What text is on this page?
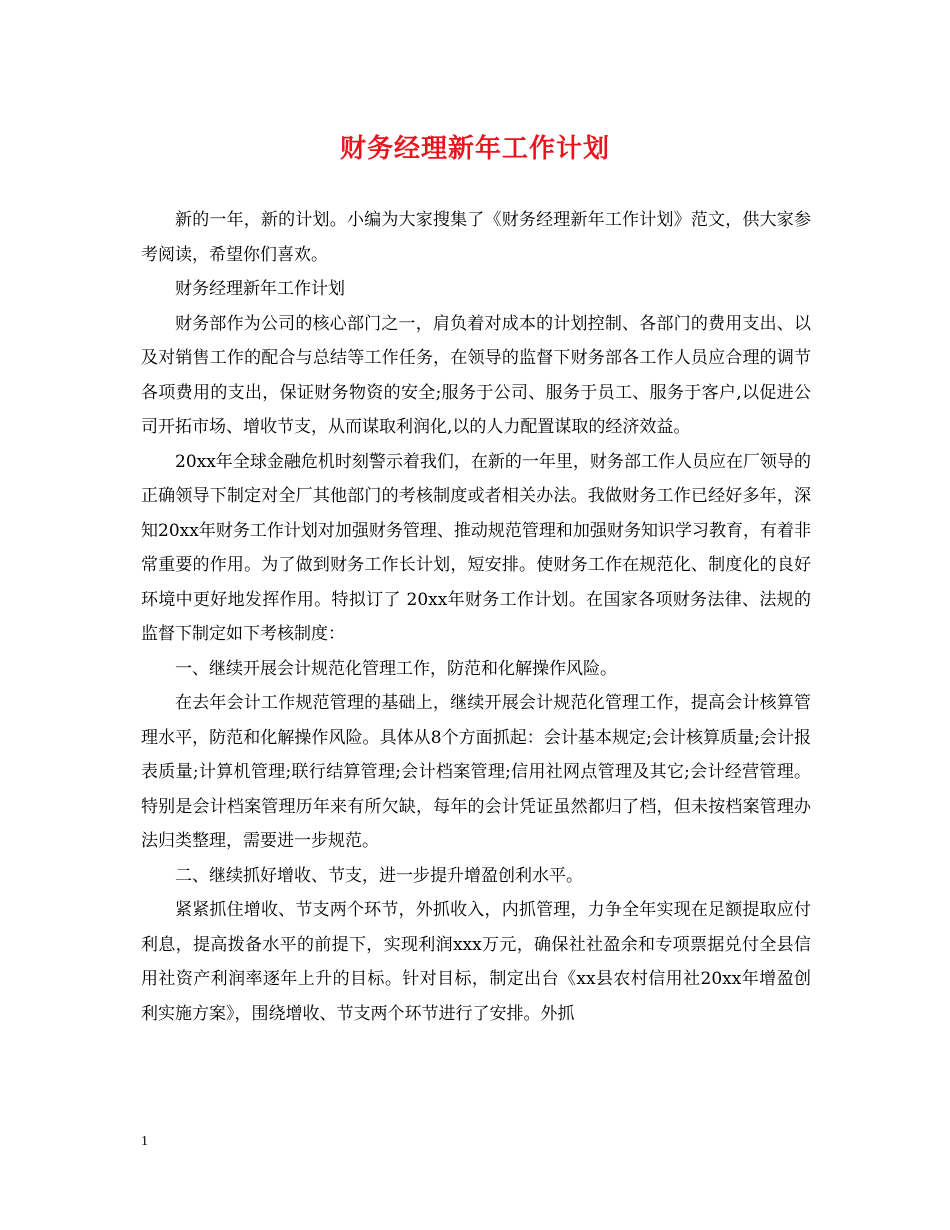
财务经理新年工作计划

新的一年，新的计划。小编为大家搜集了《财务经理新年工作计划》范文，供大家参考阅读，希望你们喜欢。

财务经理新年工作计划

财务部作为公司的核心部门之一，肩负着对成本的计划控制、各部门的费用支出、以及对销售工作的配合与总结等工作任务，在领导的监督下财务部各工作人员应合理的调节各项费用的支出，保证财务物资的安全;服务于公司、服务于员工、服务于客户,以促进公司开拓市场、增收节支，从而谋取利润化,以的人力配置谋取的经济效益。

20xx年全球金融危机时刻警示着我们，在新的一年里，财务部工作人员应在厂领导的正确领导下制定对全厂其他部门的考核制度或者相关办法。我做财务工作已经好多年，深知20xx年财务工作计划对加强财务管理、推动规范管理和加强财务知识学习教育，有着非常重要的作用。为了做到财务工作长计划，短安排。使财务工作在规范化、制度化的良好环境中更好地发挥作用。特拟订了 20xx年财务工作计划。在国家各项财务法律、法规的监督下制定如下考核制度：

一、继续开展会计规范化管理工作，防范和化解操作风险。

在去年会计工作规范管理的基础上，继续开展会计规范化管理工作，提高会计核算管理水平，防范和化解操作风险。具体从8个方面抓起：会计基本规定;会计核算质量;会计报表质量;计算机管理;联行结算管理;会计档案管理;信用社网点管理及其它;会计经营管理。特别是会计档案管理历年来有所欠缺，每年的会计凭证虽然都归了档，但未按档案管理办法归类整理，需要进一步规范。

二、继续抓好增收、节支，进一步提升增盈创利水平。

紧紧抓住增收、节支两个环节，外抓收入，内抓管理，力争全年实现在足额提取应付利息，提高拨备水平的前提下，实现利润xxx万元，确保社社盈余和专项票据兑付全县信用社资产利润率逐年上升的目标。针对目标，制定出台《xx县农村信用社20xx年增盈创利实施方案》，围绕增收、节支两个环节进行了安排。外抓

1
